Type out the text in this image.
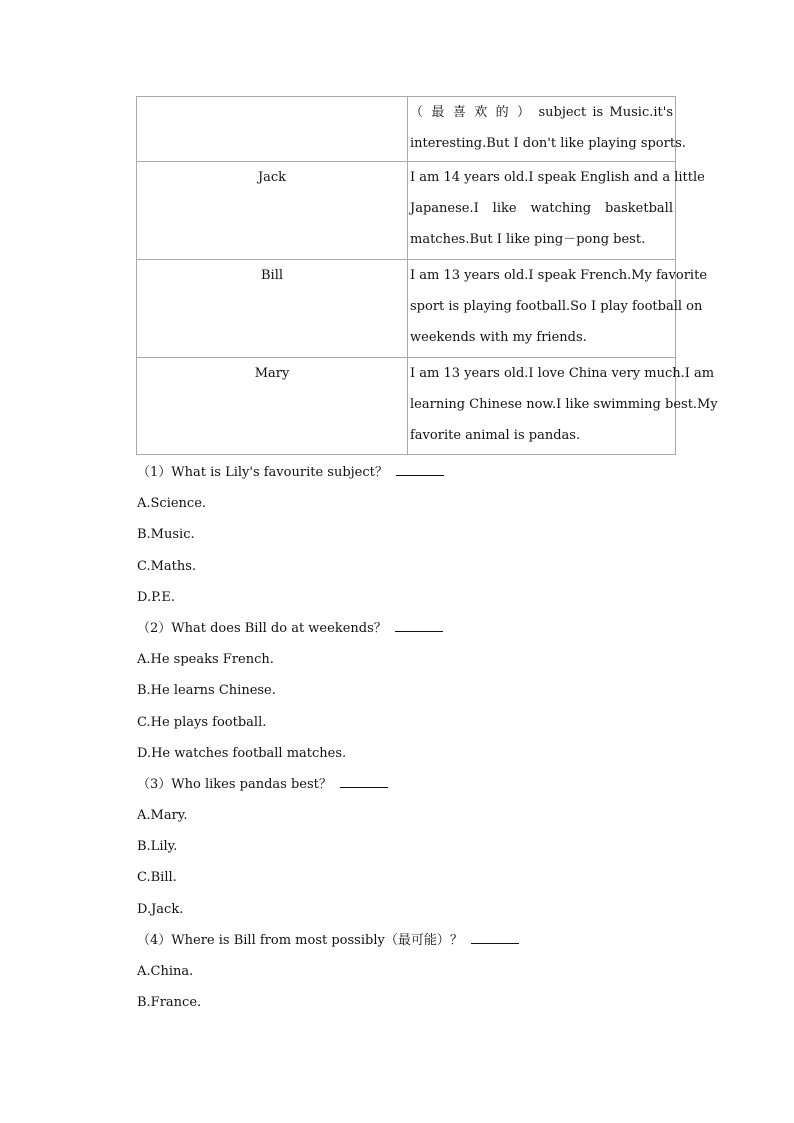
	（ 最 喜 欢 的 ） subject is Music.it's
interesting.But I don't like playing sports.

Jack	I am 14 years old.I speak English and a little
Japanese.I like watching basketball
matches.But I like ping－pong best.

Bill	I am 13 years old.I speak French.My favorite
sport is playing football.So I play football on
weekends with my friends.

Mary	I am 13 years old.I love China very much.I am
learning Chinese now.I like swimming best.My
favorite animal is pandas.
（1）What is Lily's favourite subject？
A.Science.
B.Music.
C.Maths.
D.P.E.
（2）What does Bill do at weekends？
A.He speaks French.
B.He learns Chinese.
C.He plays football.
D.He watches football matches.
（3）Who likes pandas best？
A.Mary.
B.Lily.
C.Bill.
D.Jack.
（4）Where is Bill from most possibly（最可能）？
A.China.
B.France.
